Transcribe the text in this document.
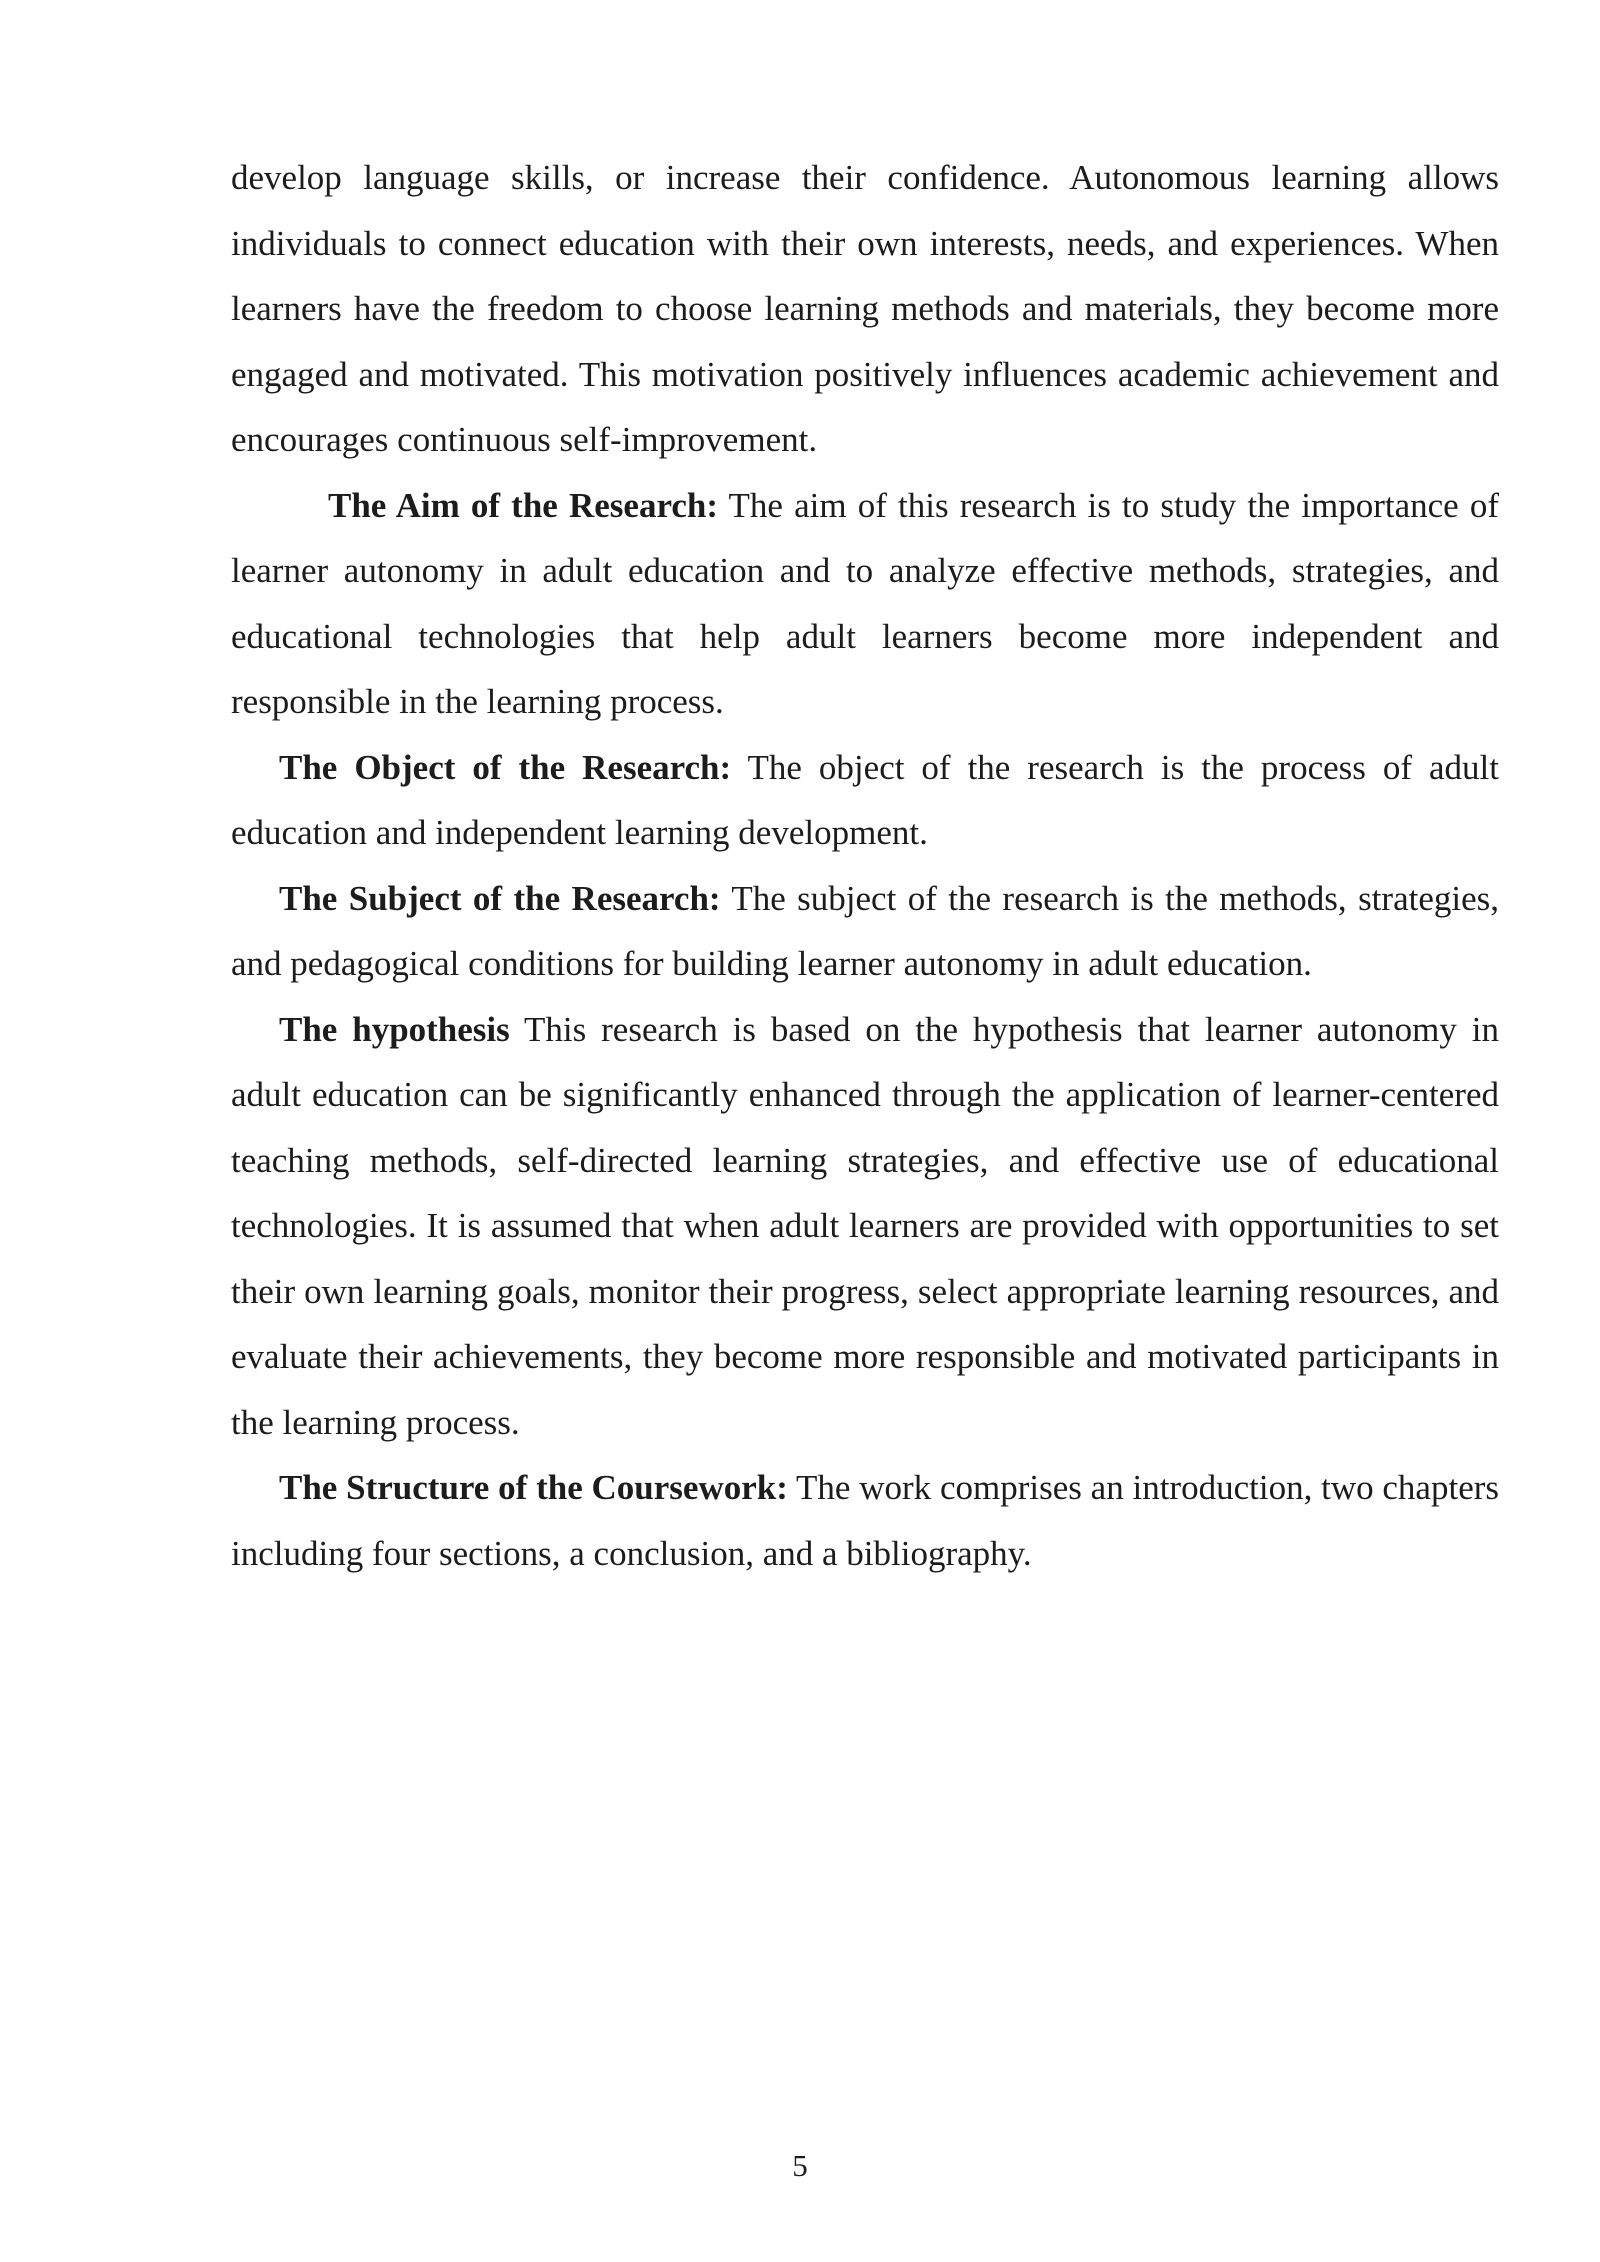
develop language skills, or increase their confidence. Autonomous learning allows individuals to connect education with their own interests, needs, and experiences. When learners have the freedom to choose learning methods and materials, they become more engaged and motivated. This motivation positively influences academic achievement and encourages continuous self-improvement.

The Aim of the Research: The aim of this research is to study the importance of learner autonomy in adult education and to analyze effective methods, strategies, and educational technologies that help adult learners become more independent and responsible in the learning process.

The Object of the Research: The object of the research is the process of adult education and independent learning development.

The Subject of the Research: The subject of the research is the methods, strategies, and pedagogical conditions for building learner autonomy in adult education.

The hypothesis This research is based on the hypothesis that learner autonomy in adult education can be significantly enhanced through the application of learner-centered teaching methods, self-directed learning strategies, and effective use of educational technologies. It is assumed that when adult learners are provided with opportunities to set their own learning goals, monitor their progress, select appropriate learning resources, and evaluate their achievements, they become more responsible and motivated participants in the learning process.

The Structure of the Coursework: The work comprises an introduction, two chapters including four sections, a conclusion, and a bibliography.

5
